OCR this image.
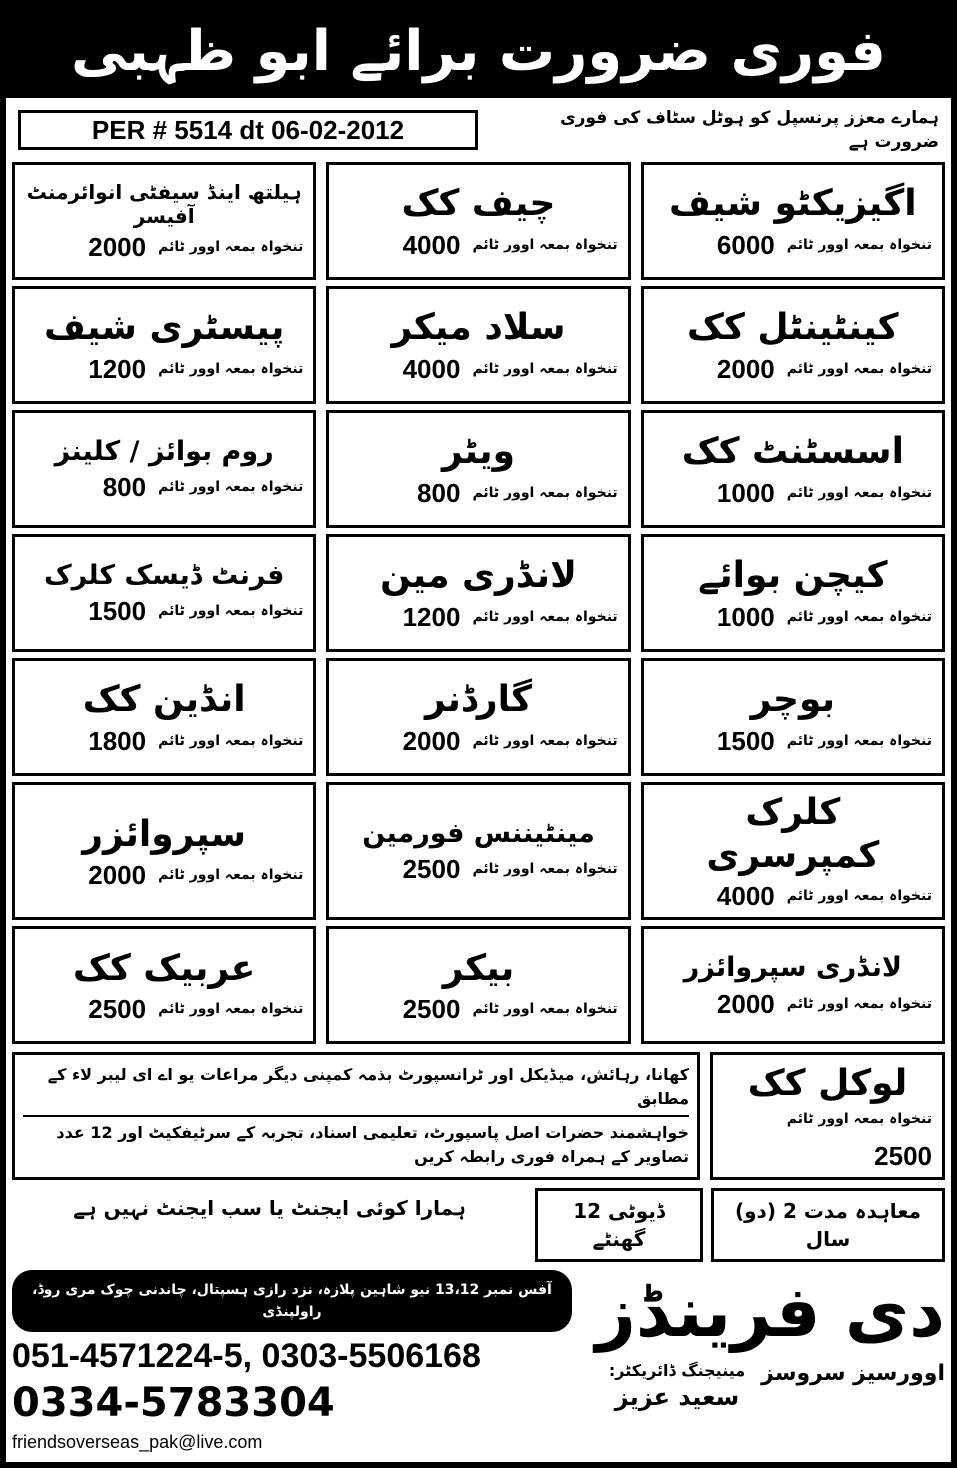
فوری ضرورت برائے ابو ظہبی
PER # 5514 dt 06-02-2012	ہمارے معزز پرنسپل کو ہوٹل سٹاف کی فوری ضرورت ہے
اگیزیکٹو شیف
تنخواہ بمعہ اوور ٹائم
6000
چیف کک
تنخواہ بمعہ اوور ٹائم
4000
ہیلتھ اینڈ سیفٹی انوائرمنٹ آفیسر
تنخواہ بمعہ اوور ٹائم
2000
کینٹینٹل کک
تنخواہ بمعہ اوور ٹائم
2000
سلاد میکر
تنخواہ بمعہ اوور ٹائم
4000
پیسٹری شیف
تنخواہ بمعہ اوور ٹائم
1200
اسسٹنٹ کک
تنخواہ بمعہ اوور ٹائم
1000
ویٹر
تنخواہ بمعہ اوور ٹائم
800
روم بوائز / کلینز
تنخواہ بمعہ اوور ٹائم
800
کیچن بوائے
تنخواہ بمعہ اوور ٹائم
1000
لانڈری مین
تنخواہ بمعہ اوور ٹائم
1200
فرنٹ ڈیسک کلرک
تنخواہ بمعہ اوور ٹائم
1500
بوچر
تنخواہ بمعہ اوور ٹائم
1500
گارڈنر
تنخواہ بمعہ اوور ٹائم
2000
انڈین کک
تنخواہ بمعہ اوور ٹائم
1800
کلرک کمپرسری
تنخواہ بمعہ اوور ٹائم
4000
مینٹیننس فورمین
تنخواہ بمعہ اوور ٹائم
2500
سپروائزر
تنخواہ بمعہ اوور ٹائم
2000
لانڈری سپروائزر
تنخواہ بمعہ اوور ٹائم
2000
بیکر
تنخواہ بمعہ اوور ٹائم
2500
عربیک کک
تنخواہ بمعہ اوور ٹائم
2500
لوکل کک
تنخواہ بمعہ اوور ٹائم
2500
کھانا، رہائش، میڈیکل اور ٹرانسپورٹ بذمہ کمپنی دیگر مراعات یو اے ای لیبر لاء کے مطابق
خواہشمند حضرات اصل پاسپورٹ، تعلیمی اسناد، تجربہ کے سرٹیفکیٹ اور 12 عدد تصاویر کے ہمراہ فوری رابطہ کریں
معاہدہ مدت 2 (دو) سال
ڈیوٹی 12 گھنٹے
ہمارا کوئی ایجنٹ یا سب ایجنٹ نہیں ہے
دی فرینڈز
اوورسیز سروسز
مینیجنگ ڈائریکٹر:
سعید عزیز
آفس نمبر 13،12 نیو شاہین پلازہ، نزد رازی ہسپتال، چاندنی چوک مری روڈ، راولپنڈی
051-4571224-5, 0303-5506168
0334-5783304
friendsoverseas_pak@live.com
